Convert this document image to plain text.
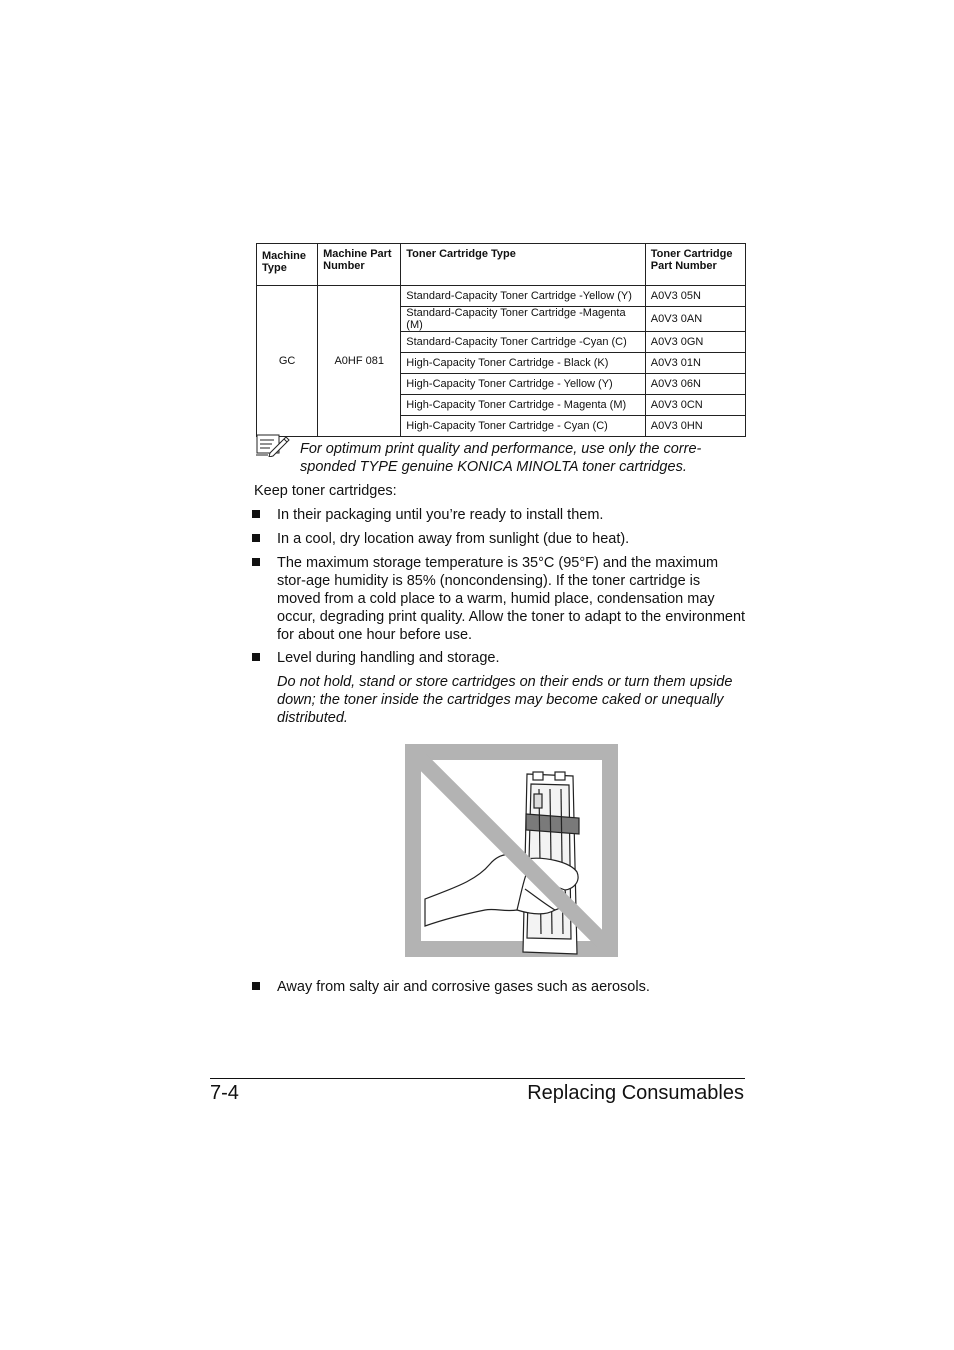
Machine Type	Machine Part Number	Toner Cartridge Type	Toner Cartridge Part Number
GC	A0HF 081	Standard-Capacity Toner Cartridge -Yellow (Y)	A0V3 05N
		Standard-Capacity Toner Cartridge -Magenta (M)	A0V3 0AN
		Standard-Capacity Toner Cartridge -Cyan (C)	A0V3 0GN
		High-Capacity Toner Cartridge - Black (K)	A0V3 01N
		High-Capacity Toner Cartridge - Yellow (Y)	A0V3 06N
		High-Capacity Toner Cartridge - Magenta (M)	A0V3 0CN
		High-Capacity Toner Cartridge - Cyan (C)	A0V3 0HN

For optimum print quality and performance, use only the corre-sponded TYPE genuine KONICA MINOLTA toner cartridges.

Keep toner cartridges:

In their packaging until you’re ready to install them.
In a cool, dry location away from sunlight (due to heat).
The maximum storage temperature is 35°C (95°F) and the maximum stor-age humidity is 85% (noncondensing). If the toner cartridge is moved from a cold place to a warm, humid place, condensation may occur, degrading print quality. Allow the toner to adapt to the environment for about one hour before use.
Level during handling and storage.

Do not hold, stand or store cartridges on their ends or turn them upside down; the toner inside the cartridges may become caked or unequally distributed.

Away from salty air and corrosive gases such as aerosols.
7-4	Replacing Consumables
